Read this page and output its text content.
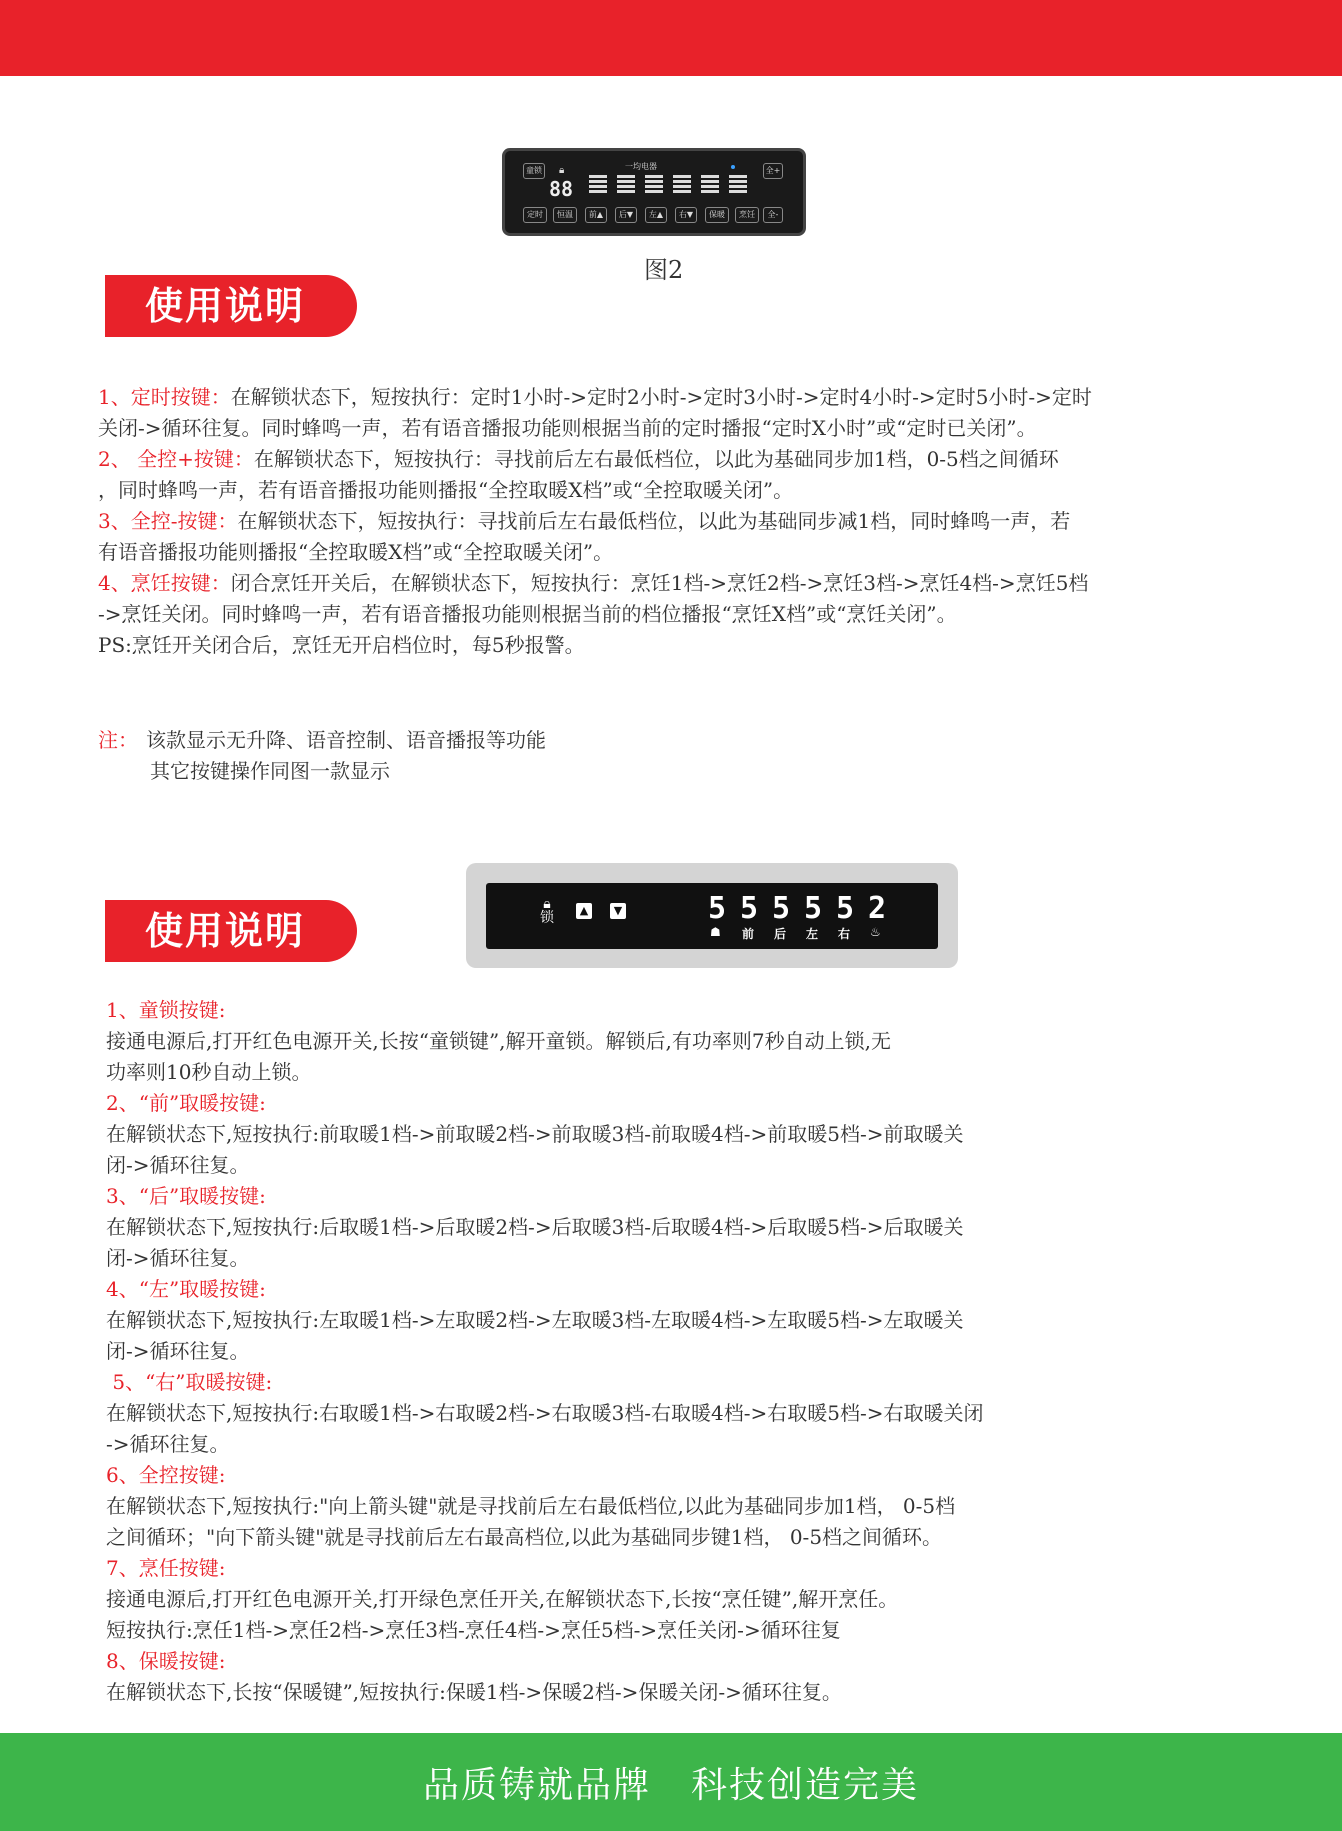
童锁	🔒︎	一均电器	全+
88
定时	恒温	前▲	后▼	左▲	右▼	保暖	烹饪	全-
图2
使用说明
1、定时按键：在解锁状态下，短按执行：定时1小时->定时2小时->定时3小时->定时4小时->定时5小时->定时
关闭->循环往复。同时蜂鸣一声，若有语音播报功能则根据当前的定时播报“定时X小时”或“定时已关闭”。
2、 全控+按键：在解锁状态下，短按执行：寻找前后左右最低档位，以此为基础同步加1档，0-5档之间循环
，同时蜂鸣一声，若有语音播报功能则播报“全控取暖X档”或“全控取暖关闭”。
3、全控-按键：在解锁状态下，短按执行：寻找前后左右最低档位，以此为基础同步减1档，同时蜂鸣一声，若
有语音播报功能则播报“全控取暖X档”或“全控取暖关闭”。
4、烹饪按键：闭合烹饪开关后，在解锁状态下，短按执行：烹饪1档->烹饪2档->烹饪3档->烹饪4档->烹饪5档
->烹饪关闭。同时蜂鸣一声，若有语音播报功能则根据当前的档位播报“烹饪X档”或“烹饪关闭”。
PS:烹饪开关闭合后，烹饪无开启档位时，每5秒报警。
注： 该款显示无升降、语音控制、语音播报等功能
其它按键操作同图一款显示
🔒︎
锁	▲	▼	5 5 5 5 5 2
☗ 前 后 左 右 ♨
使用说明
1、童锁按键:
接通电源后,打开红色电源开关,长按“童锁键”,解开童锁。解锁后,有功率则7秒自动上锁,无
功率则10秒自动上锁。
2、“前”取暖按键:
在解锁状态下,短按执行:前取暖1档->前取暖2档->前取暖3档-前取暖4档->前取暖5档->前取暖关
闭->循环往复。
3、“后”取暖按键:
在解锁状态下,短按执行:后取暖1档->后取暖2档->后取暖3档-后取暖4档->后取暖5档->后取暖关
闭->循环往复。
4、“左”取暖按键:
在解锁状态下,短按执行:左取暖1档->左取暖2档->左取暖3档-左取暖4档->左取暖5档->左取暖关
闭->循环往复。
5、“右”取暖按键:
在解锁状态下,短按执行:右取暖1档->右取暖2档->右取暖3档-右取暖4档->右取暖5档->右取暖关闭
->循环往复。
6、全控按键:
在解锁状态下,短按执行:"向上箭头键"就是寻找前后左右最低档位,以此为基础同步加1档， 0-5档
之间循环；"向下箭头键"就是寻找前后左右最高档位,以此为基础同步键1档， 0-5档之间循环。
7、烹任按键:
接通电源后,打开红色电源开关,打开绿色烹任开关,在解锁状态下,长按“烹任键”,解开烹任。
短按执行:烹任1档->烹任2档->烹任3档-烹任4档->烹任5档->烹任关闭->循环往复
8、保暖按键:
在解锁状态下,长按“保暖键”,短按执行:保暖1档->保暖2档->保暖关闭->循环往复。
品质铸就品牌 科技创造完美
